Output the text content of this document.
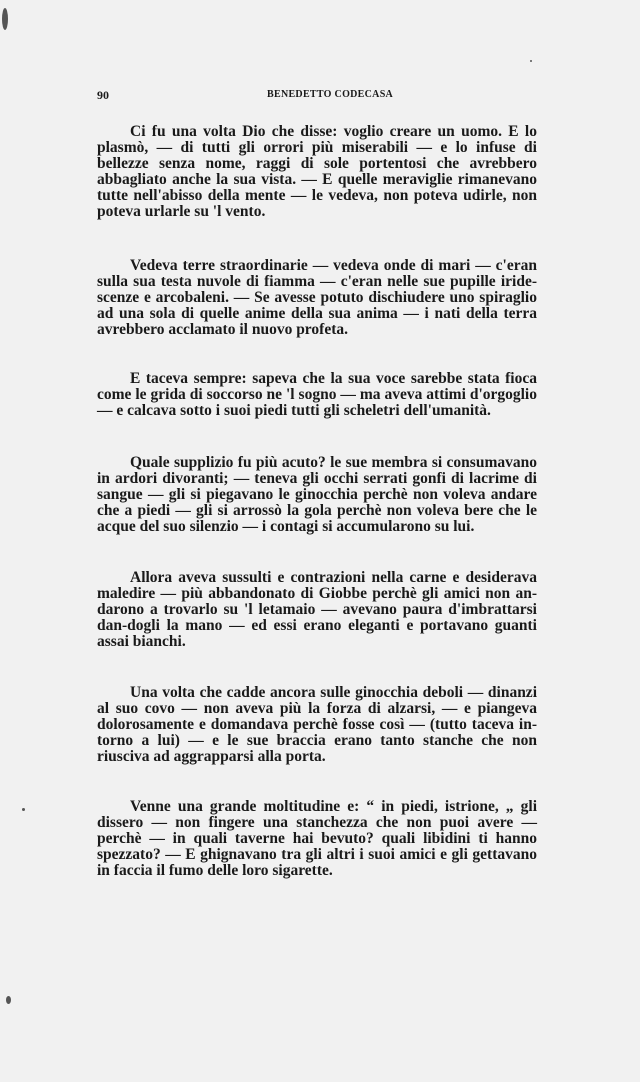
90	BENEDETTO CODECASA

Ci fu una volta Dio che disse: voglio creare un uomo. E lo plasmò, — di tutti gli orrori più miserabili — e lo infuse di bellezze senza nome, raggi di sole portentosi che avrebbero abbagliato anche la sua vista. — E quelle meraviglie rimanevano tutte nell'abisso della mente — le vedeva, non poteva udirle, non poteva urlarle su 'l vento.

Vedeva terre straordinarie — vedeva onde di mari — c'eran sulla sua testa nuvole di fiamma — c'eran nelle sue pupille iride-scenze e arcobaleni. — Se avesse potuto dischiudere uno spiraglio ad una sola di quelle anime della sua anima — i nati della terra avrebbero acclamato il nuovo profeta.

E taceva sempre: sapeva che la sua voce sarebbe stata fioca come le grida di soccorso ne 'l sogno — ma aveva attimi d'orgoglio — e calcava sotto i suoi piedi tutti gli scheletri dell'umanità.

Quale supplizio fu più acuto? le sue membra si consumavano in ardori divoranti; — teneva gli occhi serrati gonfi di lacrime di sangue — gli si piegavano le ginocchia perchè non voleva andare che a piedi — gli si arrossò la gola perchè non voleva bere che le acque del suo silenzio — i contagi si accumularono su lui.

Allora aveva sussulti e contrazioni nella carne e desiderava maledire — più abbandonato di Giobbe perchè gli amici non an-darono a trovarlo su 'l letamaio — avevano paura d'imbrattarsi dan-dogli la mano — ed essi erano eleganti e portavano guanti assai bianchi.

Una volta che cadde ancora sulle ginocchia deboli — dinanzi al suo covo — non aveva più la forza di alzarsi, — e piangeva dolorosamente e domandava perchè fosse così — (tutto taceva in-torno a lui) — e le sue braccia erano tanto stanche che non riusciva ad aggrapparsi alla porta.

Venne una grande moltitudine e: “ in piedi, istrione, „ gli dissero — non fingere una stanchezza che non puoi avere — perchè — in quali taverne hai bevuto? quali libidini ti hanno spezzato? — E ghignavano tra gli altri i suoi amici e gli gettavano in faccia il fumo delle loro sigarette.
